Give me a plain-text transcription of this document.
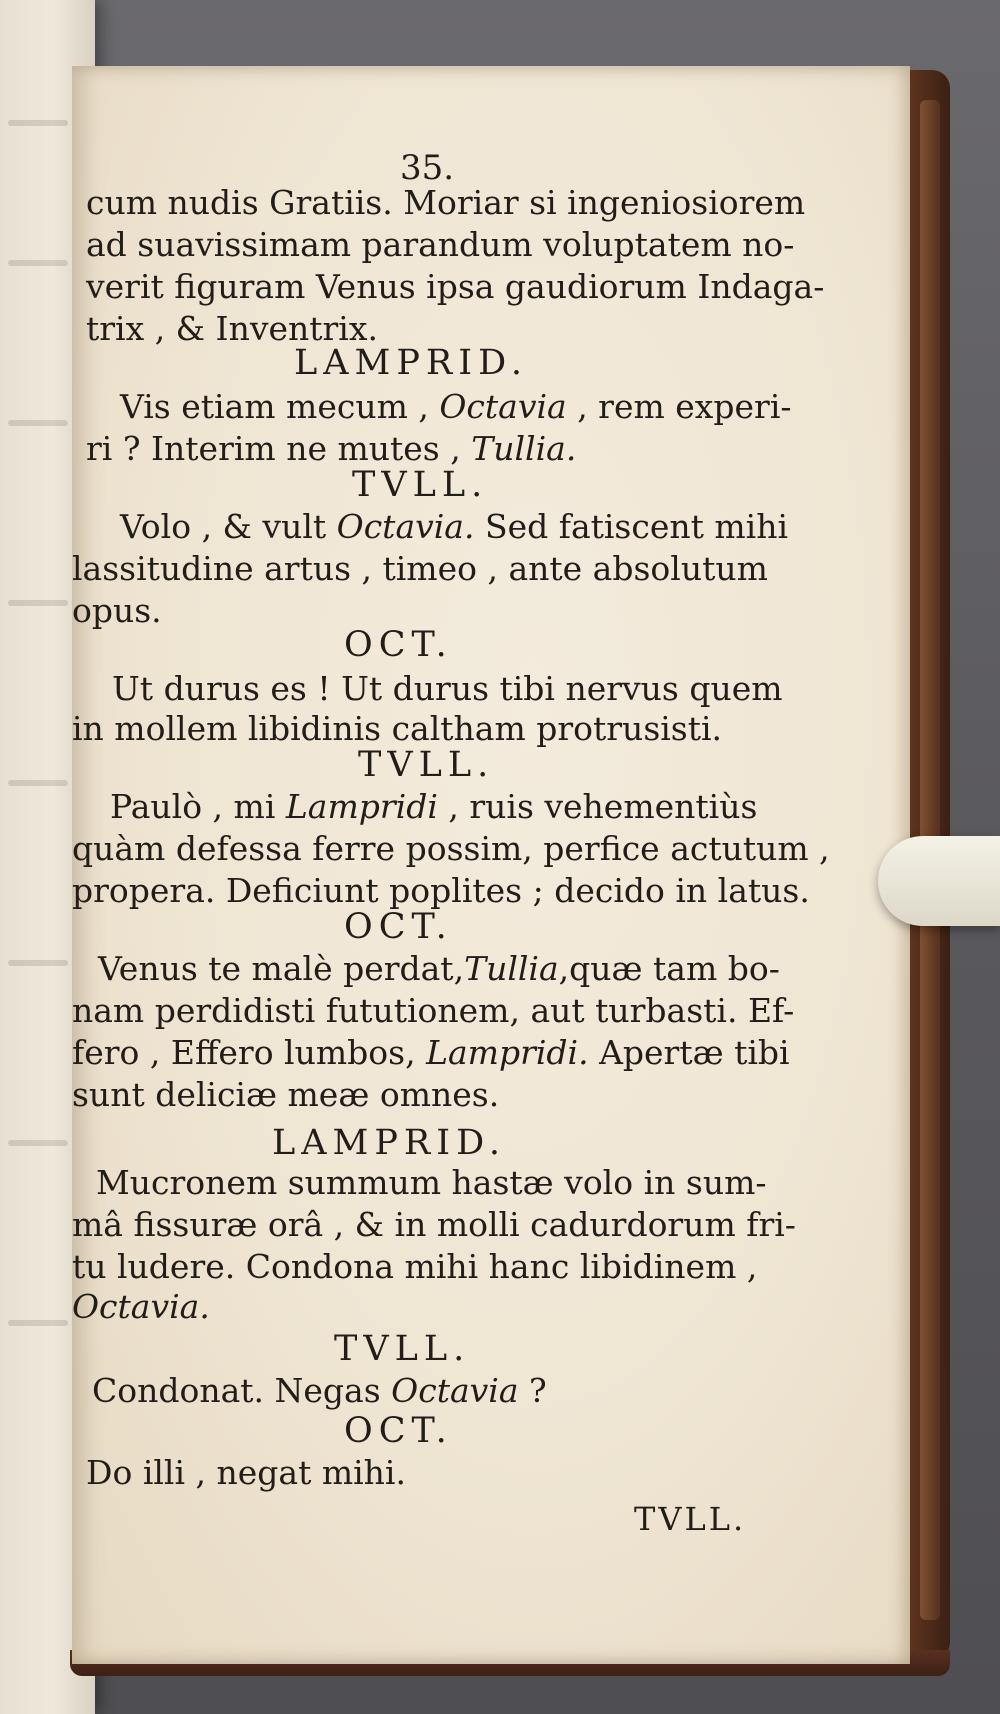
35.
cum nudis Gratiis. Moriar si ingeniosiorem
ad suavissimam parandum voluptatem no-
verit figuram Venus ipsa gaudiorum Indaga-
trix , & Inventrix.
LAMPRID.
Vis etiam mecum , Octavia , rem experi-
ri ? Interim ne mutes , Tullia.
TVLL.
Volo , & vult Octavia. Sed fatiscent mihi
lassitudine artus , timeo , ante absolutum
opus.
OCT.
Ut durus es ! Ut durus tibi nervus quem
in mollem libidinis caltham protrusisti.
TVLL.
Paulò , mi Lampridi , ruis vehementiùs
quàm defessa ferre possim, perfice actutum ,
propera. Deficiunt poplites ; decido in latus.
OCT.
Venus te malè perdat,Tullia,quæ tam bo-
nam perdidisti fututionem, aut turbasti. Ef-
fero , Effero lumbos, Lampridi. Apertæ tibi
sunt deliciæ meæ omnes.
LAMPRID.
Mucronem summum hastæ volo in sum-
mâ fissuræ orâ , & in molli cadurdorum fri-
tu ludere. Condona mihi hanc libidinem ,
Octavia.
TVLL.
Condonat. Negas Octavia ?
OCT.
Do illi , negat mihi.
TVLL.
